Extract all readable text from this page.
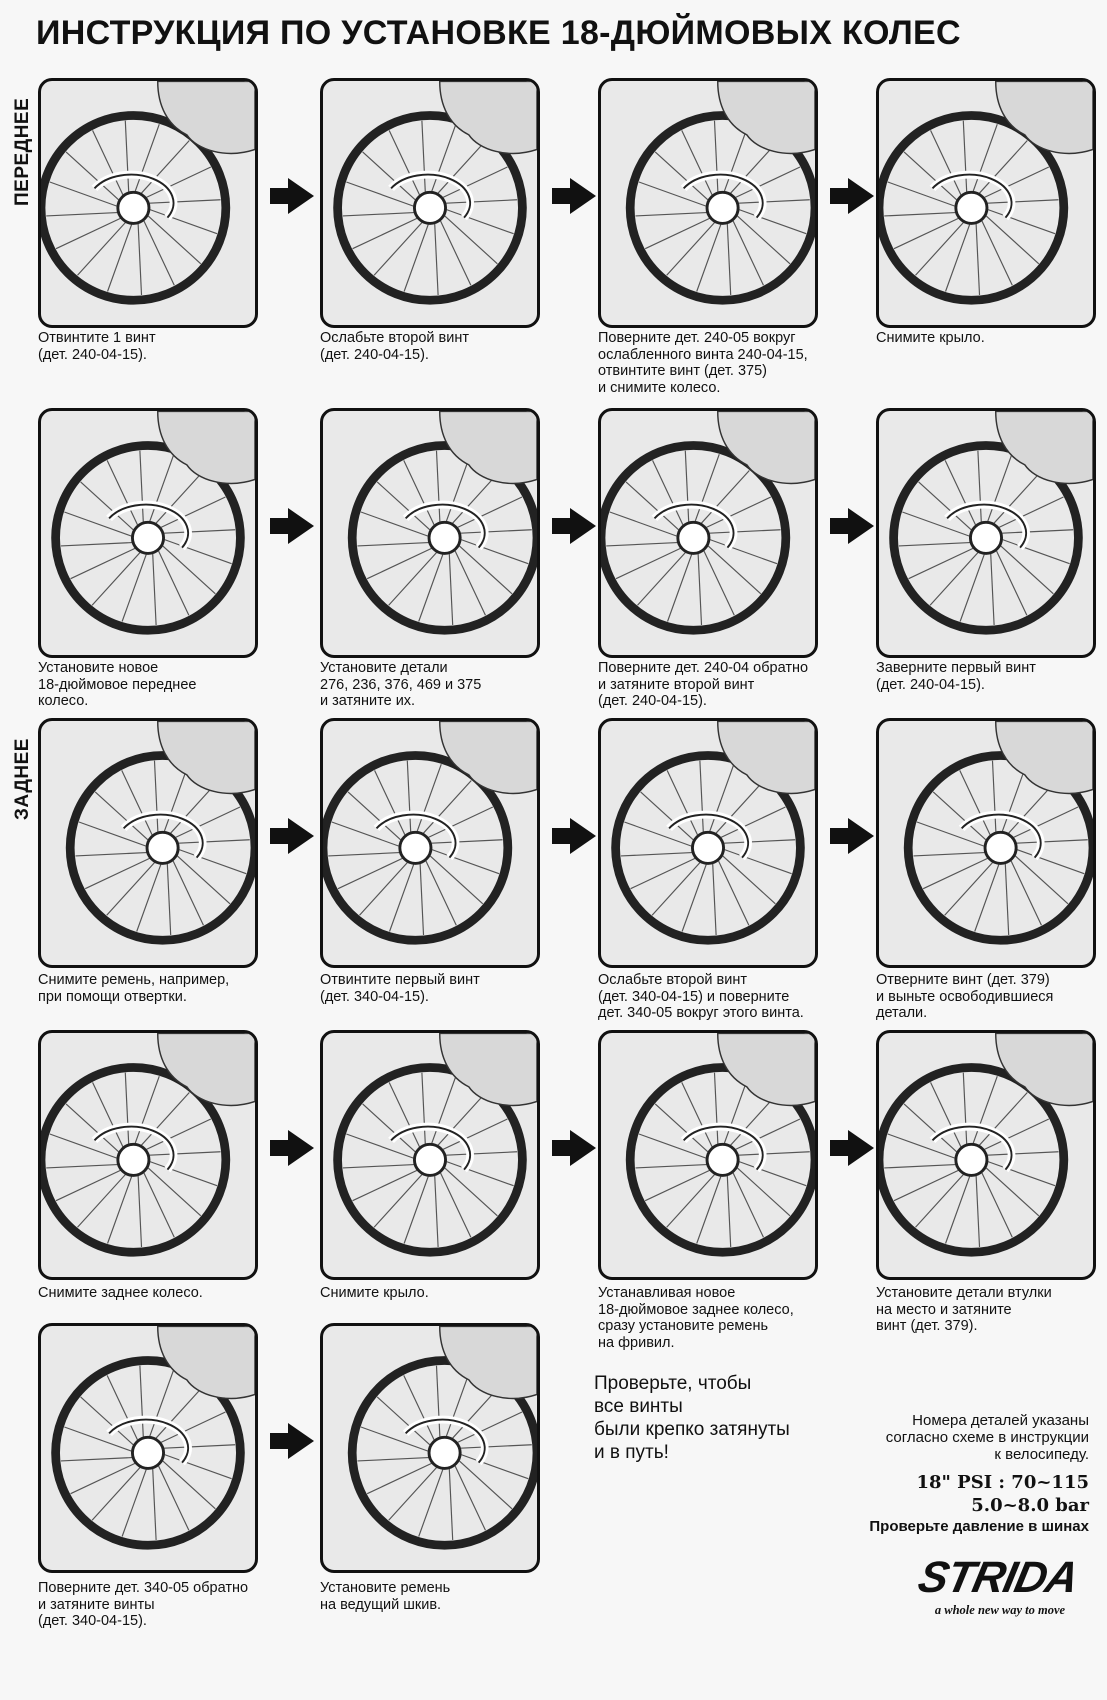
ИНСТРУКЦИЯ ПО УСТАНОВКЕ 18-ДЮЙМОВЫХ КОЛЕС
ПЕРЕДНЕЕ
ЗАДНЕЕ
Отвинтите 1 винт
(дет. 240-04-15).
Ослабьте второй винт
(дет. 240-04-15).
Поверните дет. 240-05 вокруг
ослабленного винта 240-04-15,
отвинтите винт (дет. 375)
и снимите колесо.
Снимите крыло.
Установите новое
18-дюймовое переднее
колесо.
Установите детали
276, 236, 376, 469 и 375
и затяните их.
Поверните дет. 240-04 обратно
и затяните второй винт
(дет. 240-04-15).
Заверните первый винт
(дет. 240-04-15).
Снимите ремень, например,
при помощи отвертки.
Отвинтите первый винт
(дет. 340-04-15).
Ослабьте второй винт
(дет. 340-04-15) и поверните
дет. 340-05 вокруг этого винта.
Отверните винт (дет. 379)
и выньте освободившиеся
детали.
Снимите заднее колесо.	Снимите крыло.	Устанавливая новое
18-дюймовое заднее колесо,
сразу установите ремень
на фривил.
Установите детали втулки
на место и затяните
винт (дет. 379).
Поверните дет. 340-05 обратно
и затяните винты
(дет. 340-04-15).
Установите ремень
на ведущий шкив.
Проверьте, чтобы
все винты
были крепко затянуты
и в путь!
Номера деталей указаны
согласно схеме в инструкции
к велосипеду.
18" PSI : 70~115
5.0~8.0 bar
Проверьте давление в шинах
STRIDA
a whole new way to move
